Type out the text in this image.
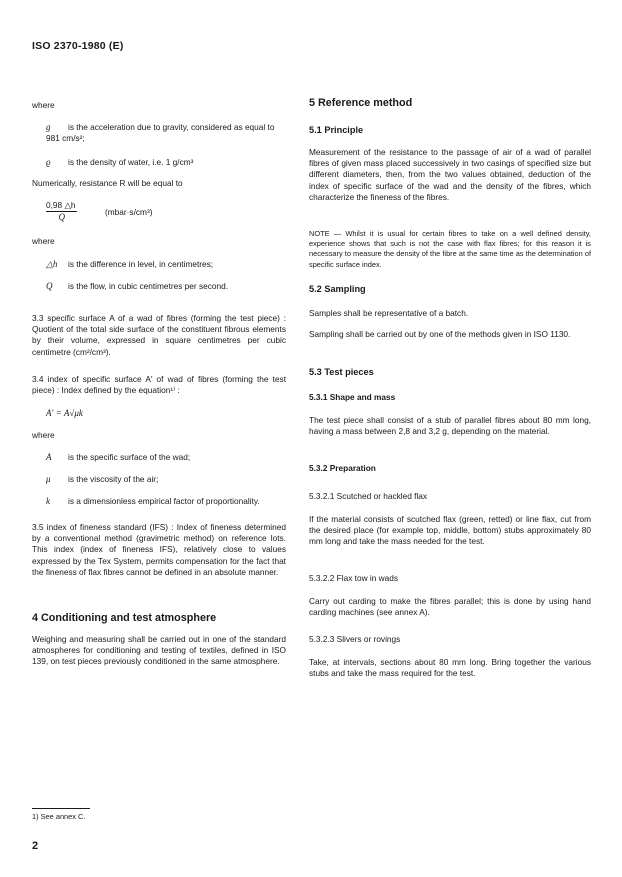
ISO 2370-1980 (E)

where

g is the acceleration due to gravity, considered as equal to 981 cm/s²;

ϱ is the density of water, i.e. 1 g/cm³

Numerically, resistance R will be equal to

$\frac{0,98 \triangle h}{Q}$	(mbar·s/cm³)

where

△h is the difference in level, in centimetres;

Q is the flow, in cubic centimetres per second.

3.3 specific surface A of a wad of fibres (forming the test piece) : Quotient of the total side surface of the constituent fibrous elements by their volume, expressed in square centimetres per cubic centimetre (cm²/cm³).

3.4 index of specific surface A′ of wad of fibres (forming the test piece) : Index defined by the equation¹⁾ :

A′ = A√μk

where

A is the specific surface of the wad;

μ is the viscosity of the air;

k is a dimensionless empirical factor of proportionality.

3.5 index of fineness standard (IFS) : Index of fineness determined by a conventional method (gravimetric method) on reference lots. This index (index of fineness IFS), relatively close to values expressed by the Tex System, permits compensation for the fact that the fineness of flax fibres cannot be defined in an absolute manner.

4 Conditioning and test atmosphere

Weighing and measuring shall be carried out in one of the standard atmospheres for conditioning and testing of textiles, defined in ISO 139, on test pieces previously conditioned in the same atmosphere.

5 Reference method

5.1 Principle

Measurement of the resistance to the passage of air of a wad of parallel fibres of given mass placed successively in two casings of specified size but different diameters, then, from the two values obtained, deduction of the index of specific surface of the wad and the density of the fibres, which characterize the fineness of the fibres.

NOTE — Whilst it is usual for certain fibres to take on a well defined density, experience shows that such is not the case with flax fibres; for this reason it is necessary to measure the density of the fibre at the same time as the determination of specific surface index.

5.2 Sampling

Samples shall be representative of a batch.

Sampling shall be carried out by one of the methods given in ISO 1130.

5.3 Test pieces

5.3.1 Shape and mass

The test piece shall consist of a stub of parallel fibres about 80 mm long, having a mass between 2,8 and 3,2 g, depending on the material.

5.3.2 Preparation

5.3.2.1 Scutched or hackled flax

If the material consists of scutched flax (green, retted) or line flax, cut from the desired place (for example top, middle, bottom) stubs approximately 80 mm long and take the mass needed for the test.

5.3.2.2 Flax tow in wads

Carry out carding to make the fibres parallel; this is done by using hand carding machines (see annex A).

5.3.2.3 Slivers or rovings

Take, at intervals, sections about 80 mm long. Bring together the various stubs and take the mass required for the test.

1) See annex C.
2
